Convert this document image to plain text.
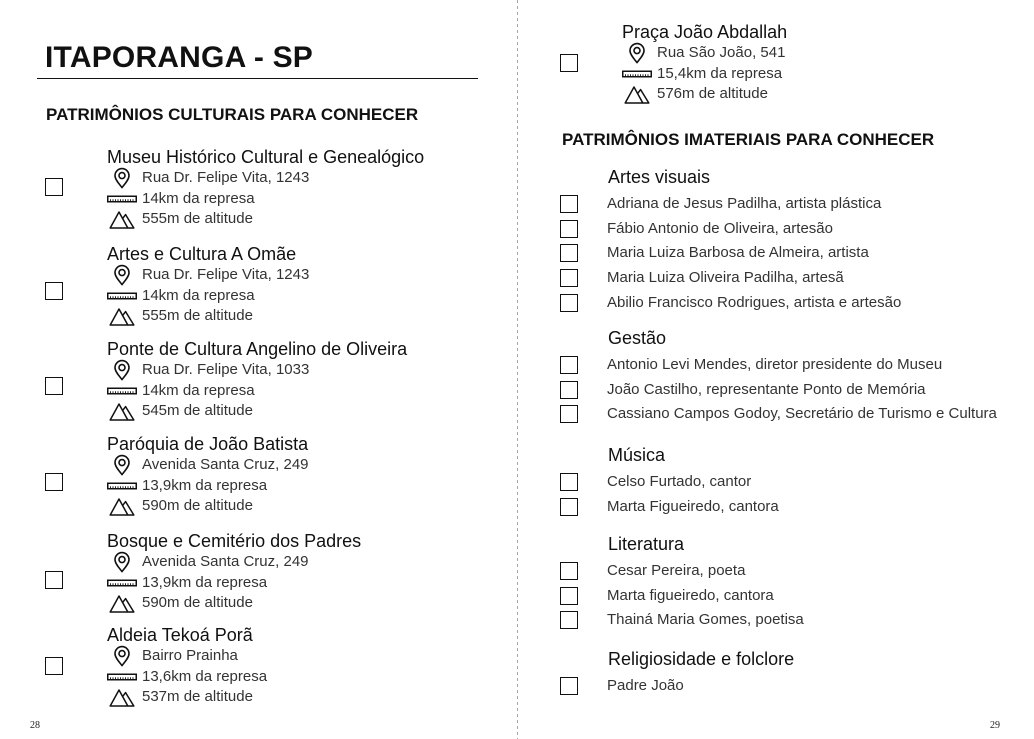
ITAPORANGA - SP
PATRIMÔNIOS CULTURAIS PARA CONHECER
Museu Histórico Cultural e Genealógico
Rua Dr. Felipe Vita, 1243
14km da represa
555m de altitude
Artes e Cultura A Omãe
Rua Dr. Felipe Vita, 1243
14km da represa
555m de altitude
Ponte de Cultura Angelino de Oliveira
Rua Dr. Felipe Vita, 1033
14km da represa
545m de altitude
Paróquia de João Batista
Avenida Santa Cruz, 249
13,9km da represa
590m de altitude
Bosque e Cemitério dos Padres
Avenida Santa Cruz, 249
13,9km da represa
590m de altitude
Aldeia Tekoá Porã
Bairro Prainha
13,6km da represa
537m de altitude
28
Praça João Abdallah
Rua São João, 541
15,4km da represa
576m de altitude
PATRIMÔNIOS IMATERIAIS PARA CONHECER
Artes visuais
Adriana de Jesus Padilha, artista plástica
Fábio Antonio de Oliveira, artesão
Maria Luiza Barbosa de Almeira, artista
Maria Luiza Oliveira Padilha, artesã
Abilio Francisco Rodrigues, artista e artesão
Gestão
Antonio Levi Mendes, diretor presidente do Museu
João Castilho, representante Ponto de Memória
Cassiano Campos Godoy, Secretário de Turismo e Cultura
Música
Celso Furtado, cantor
Marta Figueiredo, cantora
Literatura
Cesar Pereira, poeta
Marta figueiredo, cantora
Thainá Maria Gomes, poetisa
Religiosidade e folclore
Padre João
29
